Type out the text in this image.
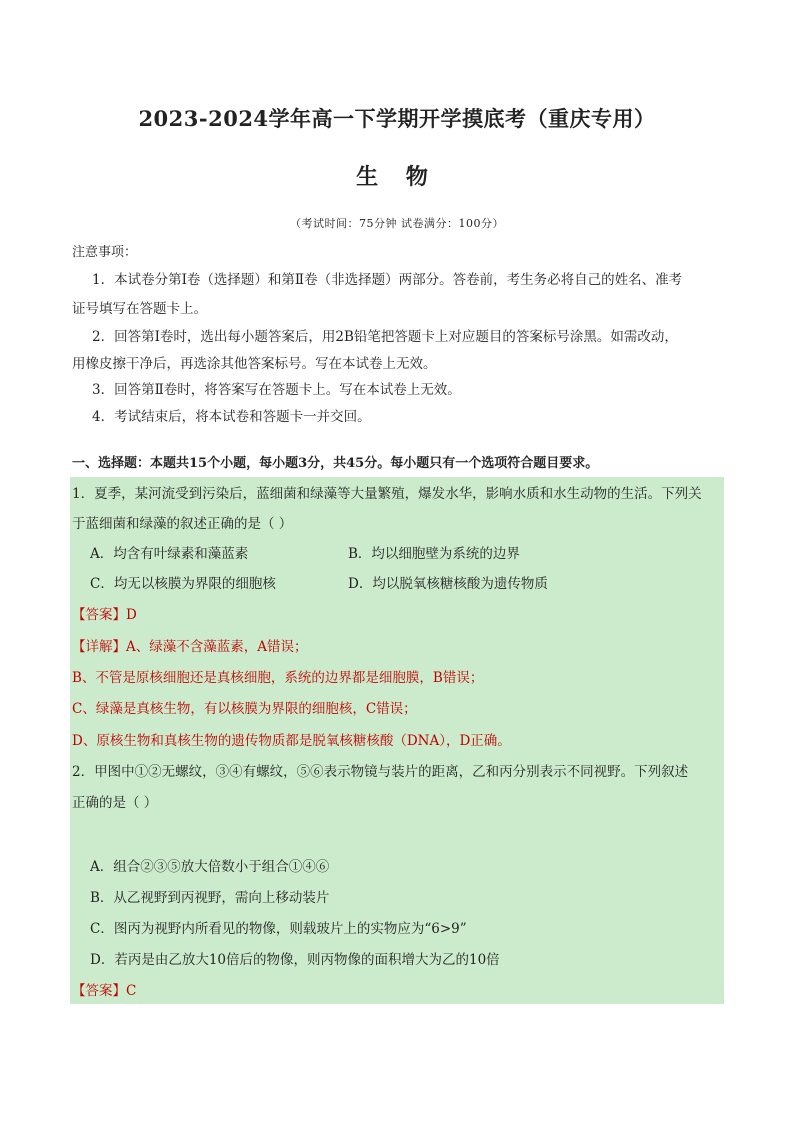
2023-2024学年高一下学期开学摸底考（重庆专用）
生 物
（考试时间：75分钟 试卷满分：100分）
注意事项：
1．本试卷分第Ⅰ卷（选择题）和第Ⅱ卷（非选择题）两部分。答卷前，考生务必将自己的姓名、准考
证号填写在答题卡上。
2．回答第Ⅰ卷时，选出每小题答案后，用2B铅笔把答题卡上对应题目的答案标号涂黑。如需改动，
用橡皮擦干净后，再选涂其他答案标号。写在本试卷上无效。
3．回答第Ⅱ卷时，将答案写在答题卡上。写在本试卷上无效。
4．考试结束后，将本试卷和答题卡一并交回。
一、选择题：本题共15个小题，每小题3分，共45分。每小题只有一个选项符合题目要求。
1．夏季，某河流受到污染后，蓝细菌和绿藻等大量繁殖，爆发水华，影响水质和水生动物的生活。下列关
于蓝细菌和绿藻的叙述正确的是（ ）
A．均含有叶绿素和藻蓝素	B．均以细胞壁为系统的边界
C．均无以核膜为界限的细胞核	D．均以脱氧核糖核酸为遗传物质
【答案】D
【详解】A、绿藻不含藻蓝素，A错误；
B、不管是原核细胞还是真核细胞，系统的边界都是细胞膜，B错误；
C、绿藻是真核生物，有以核膜为界限的细胞核，C错误；
D、原核生物和真核生物的遗传物质都是脱氧核糖核酸（DNA），D正确。
2．甲图中①②无螺纹，③④有螺纹，⑤⑥表示物镜与装片的距离，乙和丙分别表示不同视野。下列叙述
正确的是（ ）
A．组合②③⑤放大倍数小于组合①④⑥
B．从乙视野到丙视野，需向上移动装片
C．图丙为视野内所看见的物像，则载玻片上的实物应为“6>9”
D．若丙是由乙放大10倍后的物像，则丙物像的面积增大为乙的10倍
【答案】C
